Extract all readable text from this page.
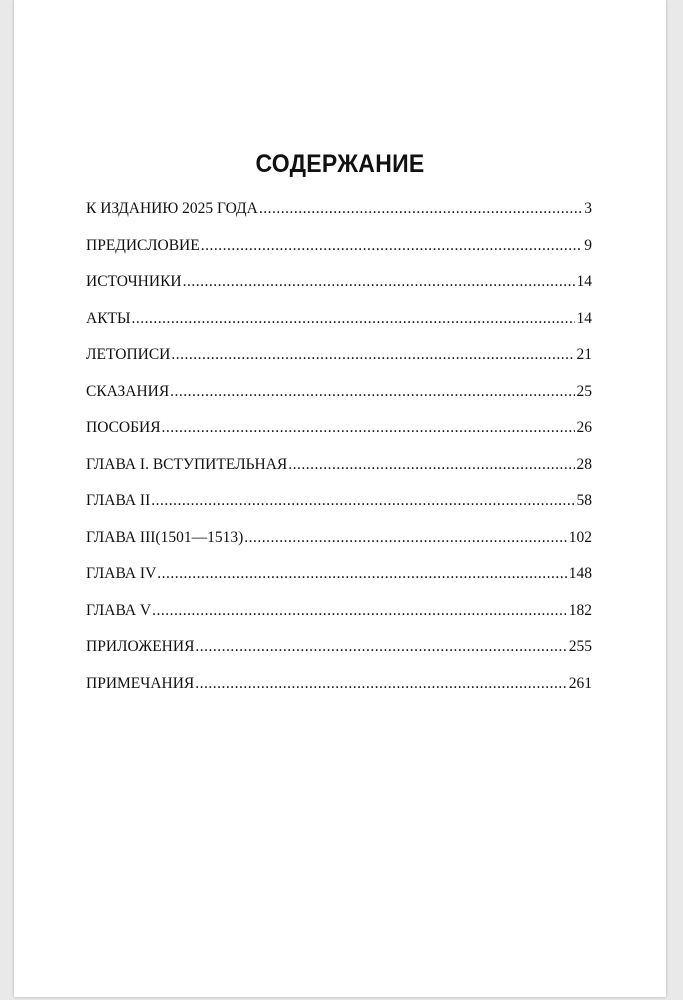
СОДЕРЖАНИЕ
К ИЗДАНИЮ 2025 ГОДА .....	3
ПРЕДИСЛОВИЕ .....	9
ИСТОЧНИКИ .....	14
АКТЫ .....	14
ЛЕТОПИСИ .....	21
СКАЗАНИЯ .....	25
ПОСОБИЯ .....	26
ГЛАВА I. ВСТУПИТЕЛЬНАЯ .....	28
ГЛАВА II .....	58
ГЛАВА III(1501—1513) .....	102
ГЛАВА IV .....	148
ГЛАВА V .....	182
ПРИЛОЖЕНИЯ .....	255
ПРИМЕЧАНИЯ .....	261
